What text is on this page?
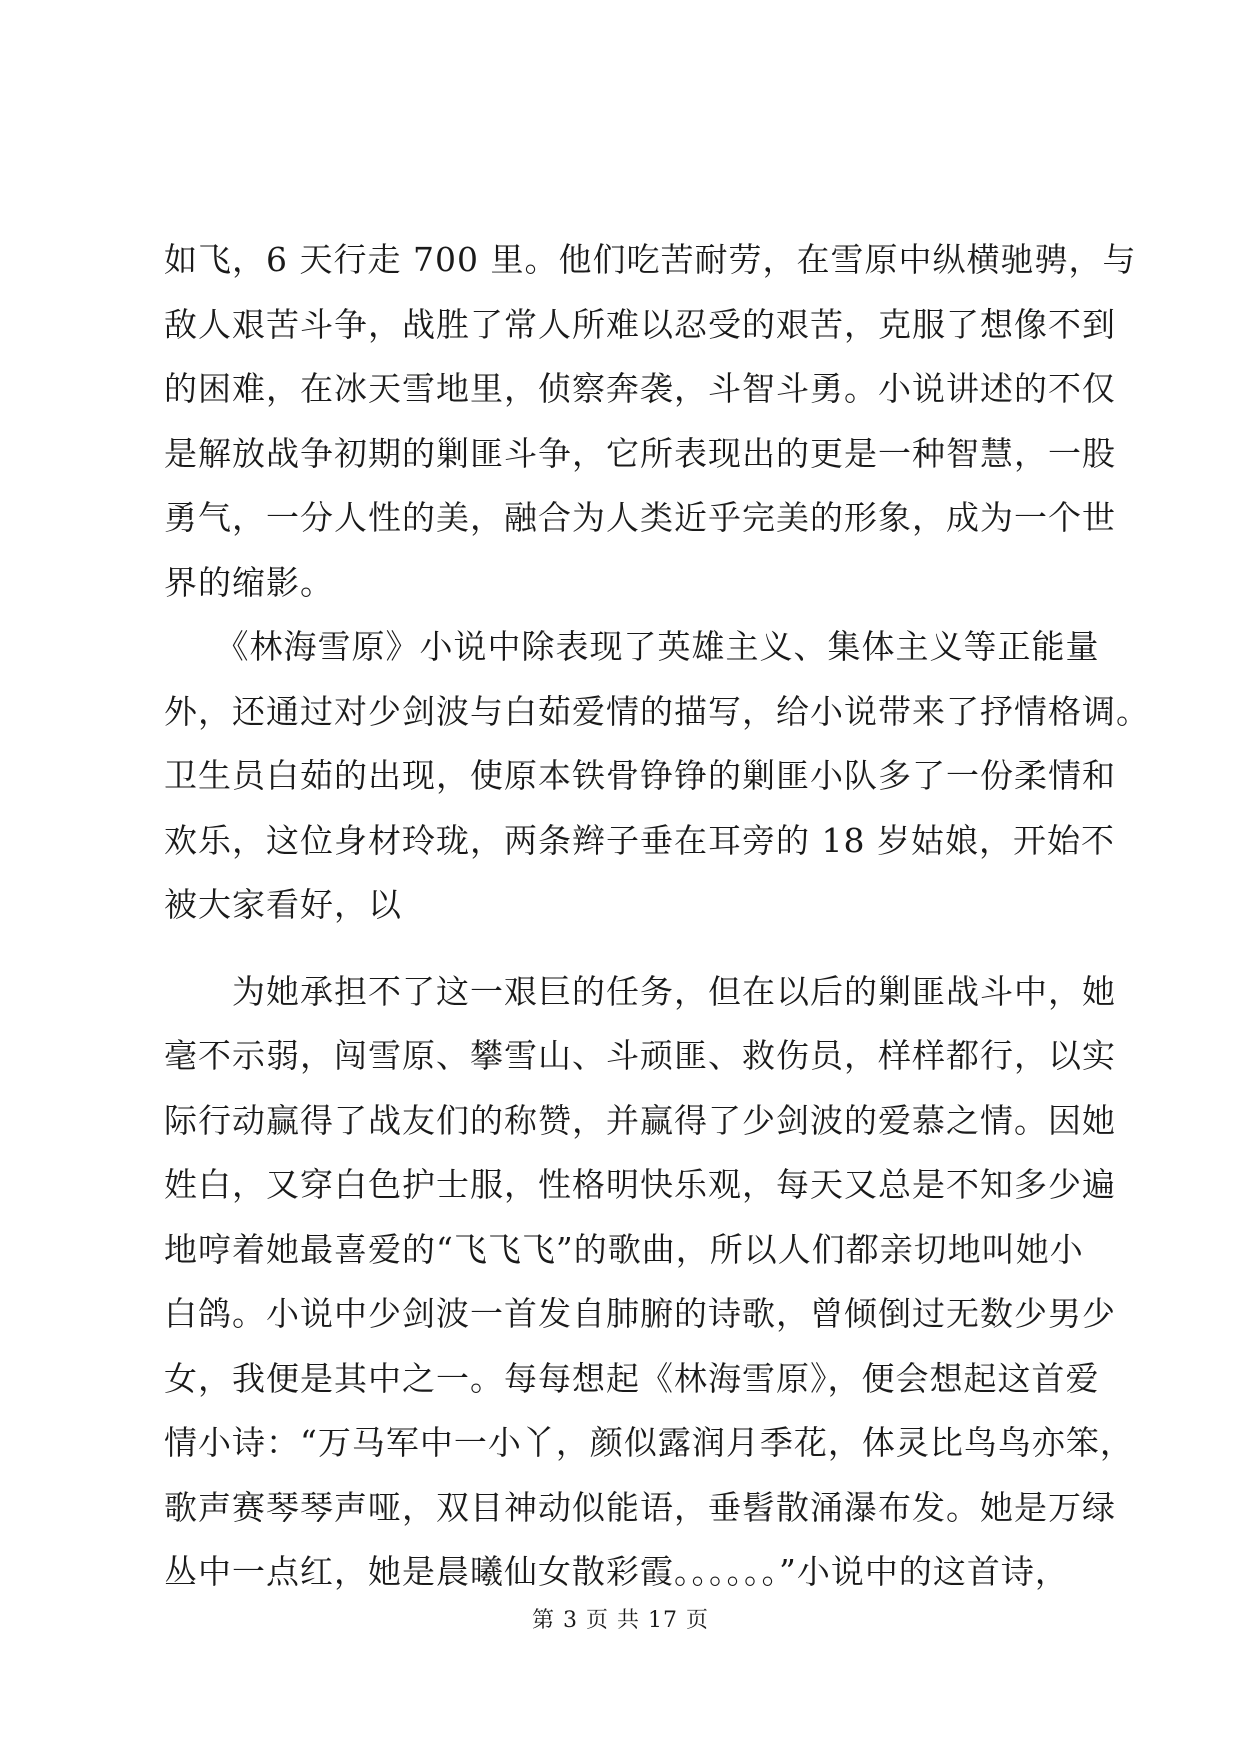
如飞，6 天行走 700 里。他们吃苦耐劳，在雪原中纵横驰骋，与
敌人艰苦斗争，战胜了常人所难以忍受的艰苦，克服了想像不到
的困难，在冰天雪地里，侦察奔袭，斗智斗勇。小说讲述的不仅
是解放战争初期的剿匪斗争，它所表现出的更是一种智慧，一股
勇气，一分人性的美，融合为人类近乎完美的形象，成为一个世
界的缩影。
　　《林海雪原》小说中除表现了英雄主义、集体主义等正能量
外，还通过对少剑波与白茹爱情的描写，给小说带来了抒情格调。
卫生员白茹的出现，使原本铁骨铮铮的剿匪小队多了一份柔情和
欢乐，这位身材玲珑，两条辫子垂在耳旁的 18 岁姑娘，开始不
被大家看好，以
　　为她承担不了这一艰巨的任务，但在以后的剿匪战斗中，她
毫不示弱，闯雪原、攀雪山、斗顽匪、救伤员，样样都行，以实
际行动赢得了战友们的称赞，并赢得了少剑波的爱慕之情。因她
姓白，又穿白色护士服，性格明快乐观，每天又总是不知多少遍
地哼着她最喜爱的“飞飞飞”的歌曲，所以人们都亲切地叫她小
白鸽。小说中少剑波一首发自肺腑的诗歌，曾倾倒过无数少男少
女，我便是其中之一。每每想起《林海雪原》，便会想起这首爱
情小诗：“万马军中一小丫，颜似露润月季花，体灵比鸟鸟亦笨，
歌声赛琴琴声哑，双目神动似能语，垂髫散涌瀑布发。她是万绿
丛中一点红，她是晨曦仙女散彩霞。。。。。。”小说中的这首诗，
第 3 页 共 17 页
